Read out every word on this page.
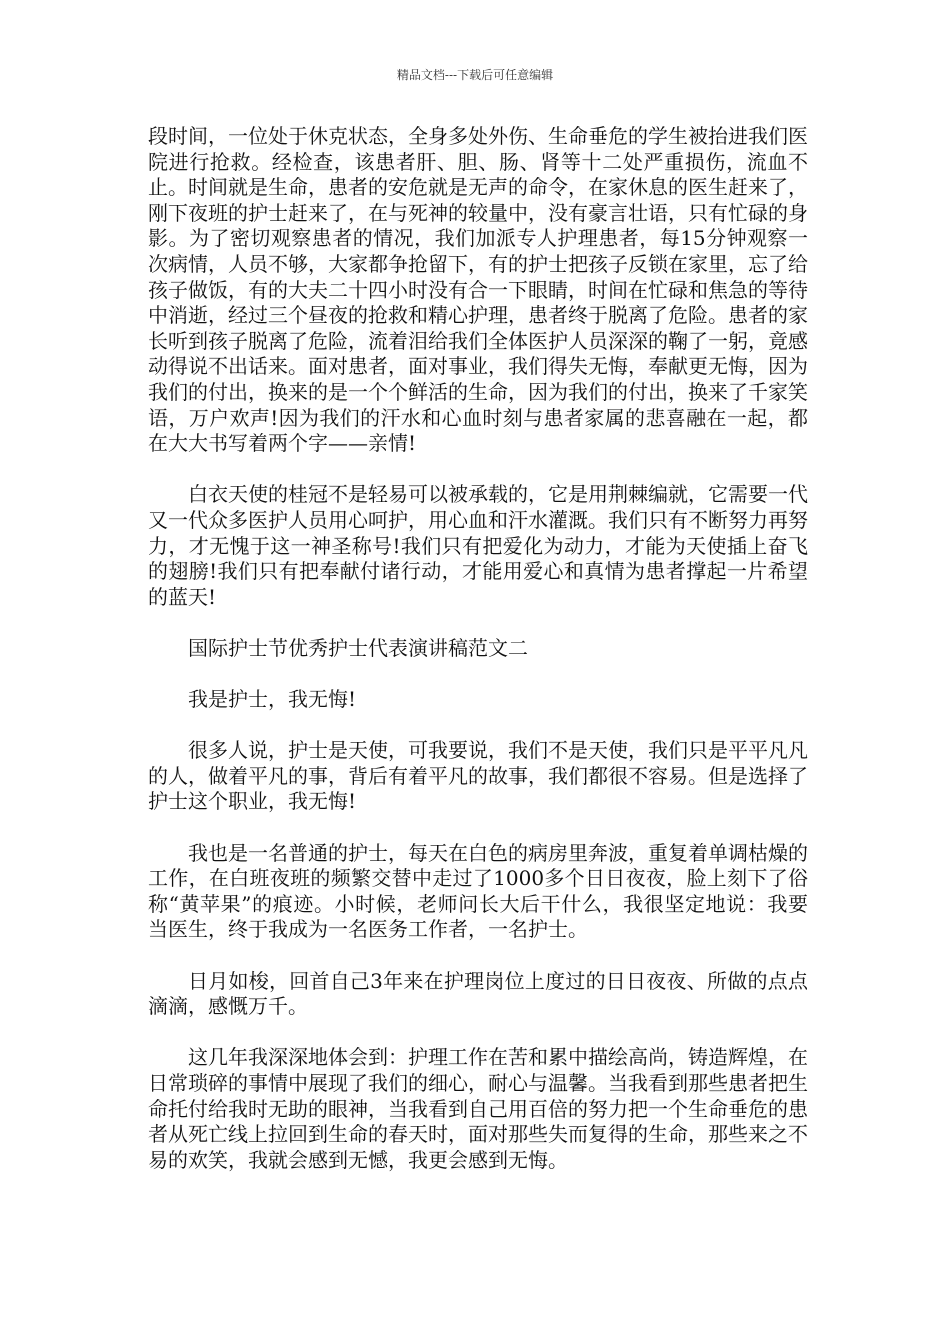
精品文档---下载后可任意编辑

段时间，一位处于休克状态，全身多处外伤、生命垂危的学生被抬进我们医院进行抢救。经检查，该患者肝、胆、肠、肾等十二处严重损伤，流血不止。时间就是生命，患者的安危就是无声的命令，在家休息的医生赶来了，刚下夜班的护士赶来了，在与死神的较量中，没有豪言壮语，只有忙碌的身影。为了密切观察患者的情况，我们加派专人护理患者，每15分钟观察一次病情，人员不够，大家都争抢留下，有的护士把孩子反锁在家里，忘了给孩子做饭，有的大夫二十四小时没有合一下眼睛，时间在忙碌和焦急的等待中消逝，经过三个昼夜的抢救和精心护理，患者终于脱离了危险。患者的家长听到孩子脱离了危险，流着泪给我们全体医护人员深深的鞠了一躬，竟感动得说不出话来。面对患者，面对事业，我们得失无悔，奉献更无悔，因为我们的付出，换来的是一个个鲜活的生命，因为我们的付出，换来了千家笑语，万户欢声!因为我们的汗水和心血时刻与患者家属的悲喜融在一起，都在大大书写着两个字——亲情!

白衣天使的桂冠不是轻易可以被承载的，它是用荆棘编就，它需要一代又一代众多医护人员用心呵护，用心血和汗水灌溉。我们只有不断努力再努力，才无愧于这一神圣称号!我们只有把爱化为动力，才能为天使插上奋飞的翅膀!我们只有把奉献付诸行动，才能用爱心和真情为患者撑起一片希望的蓝天!

国际护士节优秀护士代表演讲稿范文二

我是护士，我无悔!

很多人说，护士是天使，可我要说，我们不是天使，我们只是平平凡凡的人，做着平凡的事，背后有着平凡的故事，我们都很不容易。但是选择了护士这个职业，我无悔!

我也是一名普通的护士，每天在白色的病房里奔波，重复着单调枯燥的工作，在白班夜班的频繁交替中走过了1000多个日日夜夜，脸上刻下了俗称“黄苹果”的痕迹。小时候，老师问长大后干什么，我很坚定地说：我要当医生，终于我成为一名医务工作者，一名护士。

日月如梭，回首自己3年来在护理岗位上度过的日日夜夜、所做的点点滴滴，感慨万千。

这几年我深深地体会到：护理工作在苦和累中描绘高尚，铸造辉煌，在日常琐碎的事情中展现了我们的细心，耐心与温馨。当我看到那些患者把生命托付给我时无助的眼神，当我看到自己用百倍的努力把一个生命垂危的患者从死亡线上拉回到生命的春天时，面对那些失而复得的生命，那些来之不易的欢笑，我就会感到无憾，我更会感到无悔。
